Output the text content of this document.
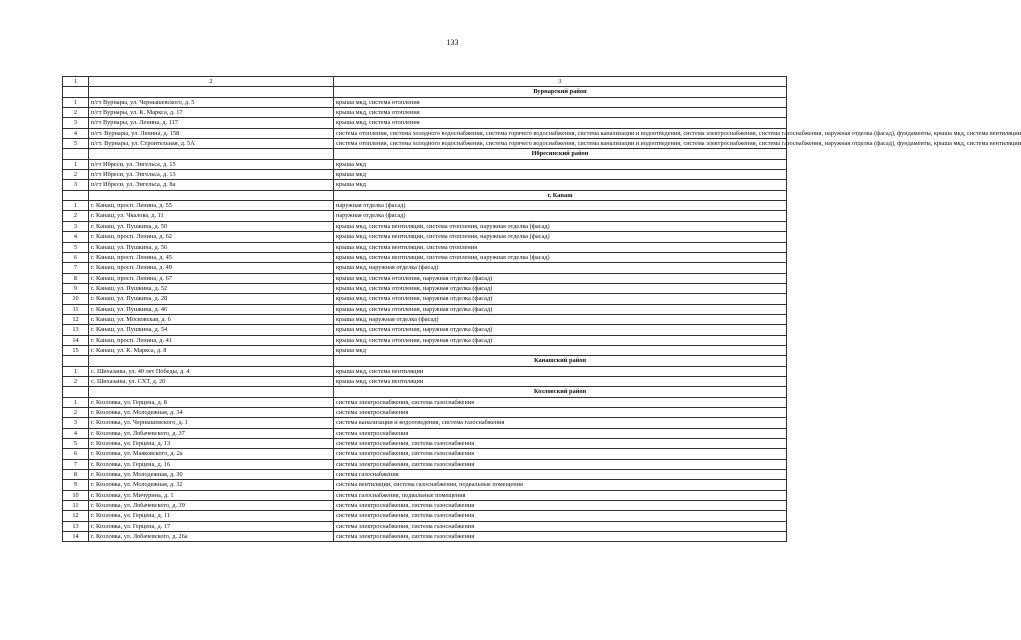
133
1	2	3
		Вурнарский район
1	п/гт Вурнары, ул. Чернышевского, д. 5	крыша мкд, система отопления
2	п/гт Вурнары, ул. К. Маркса, д. 17	крыша мкд, система отопления
3	п/гт Вурнары, ул. Ленина, д. 117	крыша мкд, система отопления
4	п/гт. Вурнары, ул. Ленина, д. 158	система отопления, система холодного водоснабжения, система горячего водоснабжения, система канализации и водоотведения, система электроснабжения, система газоснабжения, наружная отделка (фасад), фундаменты, крыша мкд, система вентиляции
5	п/гт. Вурнары, ул. Строительная, д. 5А	система отопления, система холодного водоснабжения, система горячего водоснабжения, система канализации и водоотведения, система электроснабжения, система газоснабжения, наружная отделка (фасад), фундаменты, крыша мкд, система вентиляции
		Ибресинский район
1	п/гт Ибреси, ул. Энгельса, д. 15	крыша мкд
2	п/гт Ибреси, ул. Энгельса, д. 13	крыша мкд
3	п/гт Ибреси, ул. Энгельса, д. 8а	крыша мкд
		г. Канаш
1	г. Канаш, просп. Ленина, д. 55	наружная отделка (фасад)
2	г. Канаш, ул. Чкалова, д. 11	наружная отделка (фасад)
3	г. Канаш, ул. Пушкина, д. 50	крыша мкд, система вентиляции, система отопления, наружная отделка (фасад)
4	г. Канаш, просп. Ленина, д. 62	крыша мкд, система вентиляции, система отопления, наружная отделка (фасад)
5	г. Канаш, ул. Пушкина, д. 56	крыша мкд, система вентиляции, система отопления
6	г. Канаш, просп. Ленина, д. 45	крыша мкд, система вентиляции, система отопления, наружная отделка (фасад)
7	г. Канаш, просп. Ленина, д. 49	крыша мкд, наружная отделка (фасад)
8	г. Канаш, просп. Ленина, д. 67	крыша мкд, система отопления, наружная отделка (фасад)
9	г. Канаш, ул. Пушкина, д. 52	крыша мкд, система отопления, наружная отделка (фасад)
10	г. Канаш, ул. Пушкина, д. 28	крыша мкд, система отопления, наружная отделка (фасад)
11	г. Канаш, ул. Пушкина, д. 46	крыша мкд, система отопления, наружная отделка (фасад)
12	г. Канаш, ул. Московская, д. 6	крыша мкд, наружная отделка (фасад)
13	г. Канаш, ул. Пушкина, д. 54	крыша мкд, система отопления, наружная отделка (фасад)
14	г. Канаш, просп. Ленина, д. 41	крыша мкд, система отопления, наружная отделка (фасад)
15	г. Канаш, ул. К. Маркса, д. 8	крыша мкд
		Канашский район
1	с. Шихазаны, ул. 40 лет Победы, д. 4	крыша мкд, система вентиляции
2	с. Шихазаны, ул. СХТ, д. 20	крыша мкд, система вентиляции
		Козловский район
1	г. Козловка, ул. Герцена, д. 8	система электроснабжения, система газоснабжения
2	г. Козловка, ул. Молодежная, д. 34	система электроснабжения
3	г. Козловка, ул. Чернышевского, д. 1	система канализации и водоотведения, система газоснабжения
4	г. Козловка, ул. Лобачевского, д. 37	система электроснабжения
5	г. Козловка, ул. Герцена, д. 13	система электроснабжения, система газоснабжения
6	г. Козловка, ул. Маяковского, д. 2а	система электроснабжения, система газоснабжения
7	г. Козловка, ул. Герцена, д. 16	система электроснабжения, система газоснабжения
8	г. Козловка, ул. Молодежная, д. 30	система газоснабжения
9	г. Козловка, ул. Молодежная, д. 32	система вентиляции, система газоснабжения, подвальные помещения
10	г. Козловка, ул. Мичурина, д. 1	система газоснабжения, подвальные помещения
11	г. Козловка, ул. Лобачевского, д. 39	система электроснабжения, система газоснабжения
12	г. Козловка, ул. Герцена, д. 11	система электроснабжения, система газоснабжения
13	г. Козловка, ул. Герцена, д. 17	система электроснабжения, система газоснабжения
14	г. Козловка, ул. Лобачевского, д. 26а	система электроснабжения, система газоснабжения
